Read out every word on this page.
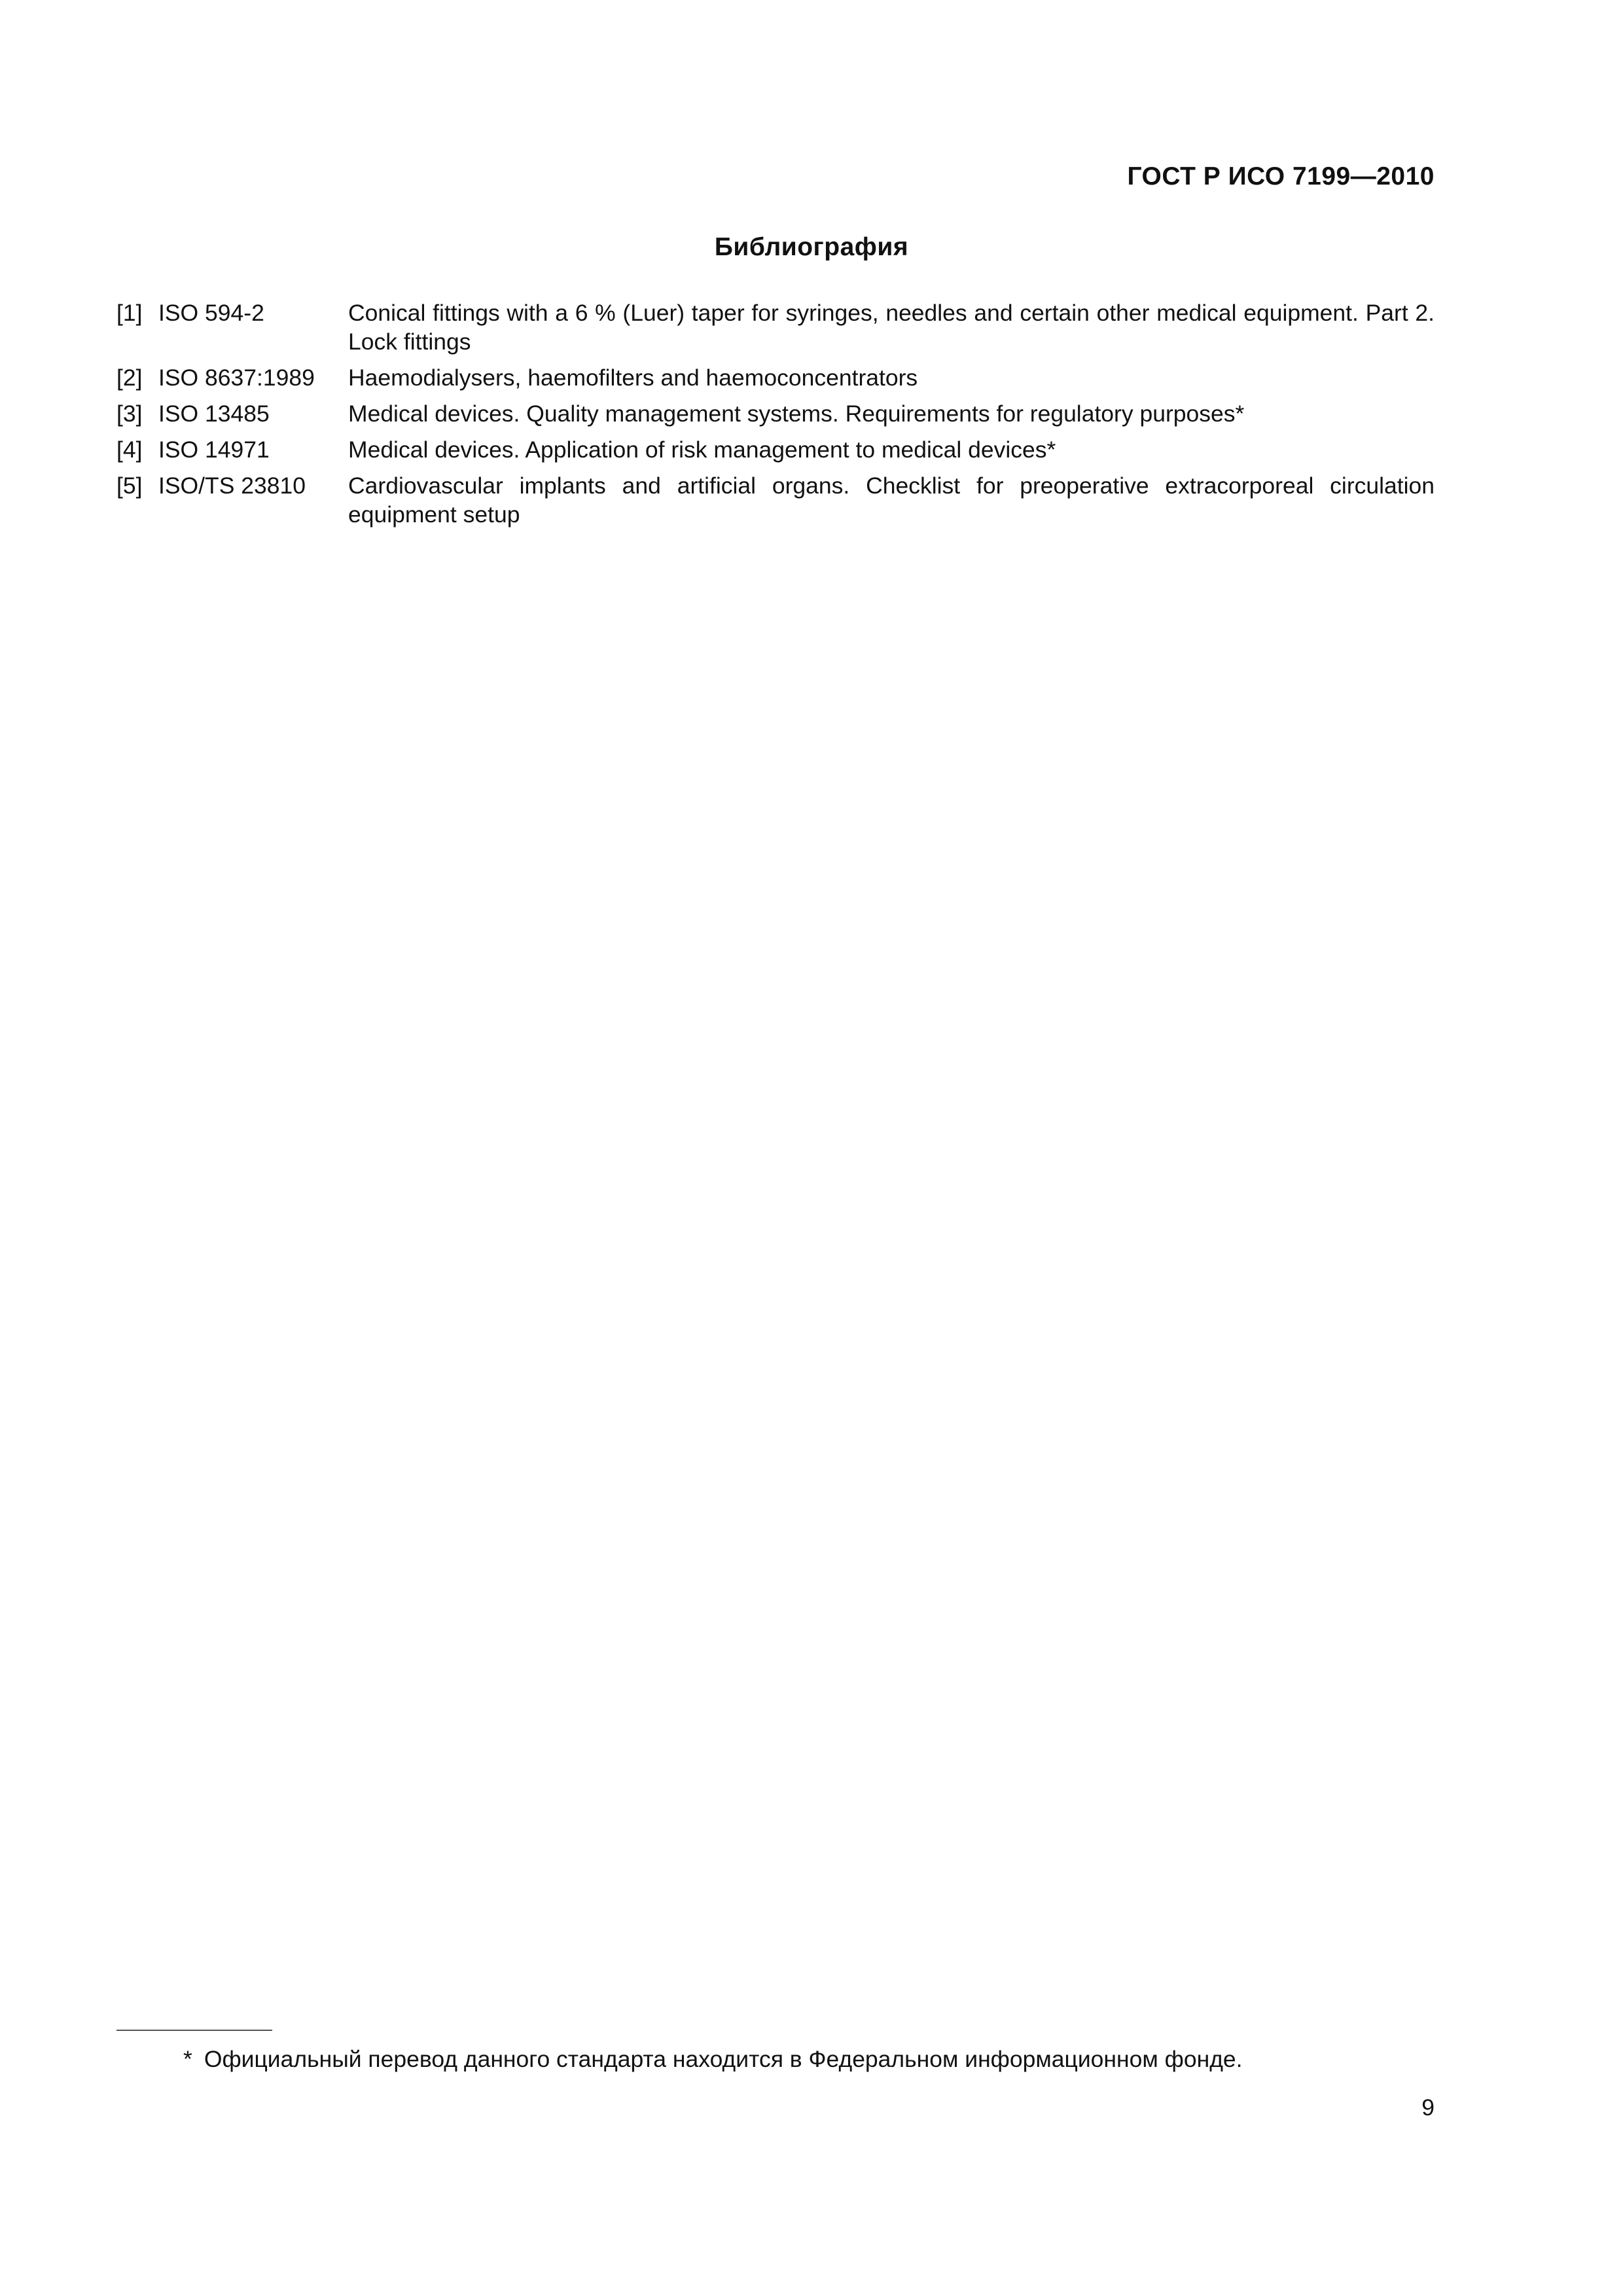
ГОСТ Р ИСО 7199—2010
Библиография
[1] ISO 594-2	Conical fittings with a 6 % (Luer) taper for syringes, needles and certain other medical equipment. Part 2. Lock fittings
[2] ISO 8637:1989	Haemodialysers, haemofilters and haemoconcentrators
[3] ISO 13485	Medical devices. Quality management systems. Requirements for regulatory purposes*
[4] ISO 14971	Medical devices. Application of risk management to medical devices*
[5] ISO/TS 23810	Cardiovascular implants and artificial organs. Checklist for preoperative extracorporeal circulation equipment setup
* Официальный перевод данного стандарта находится в Федеральном информационном фонде.
9
